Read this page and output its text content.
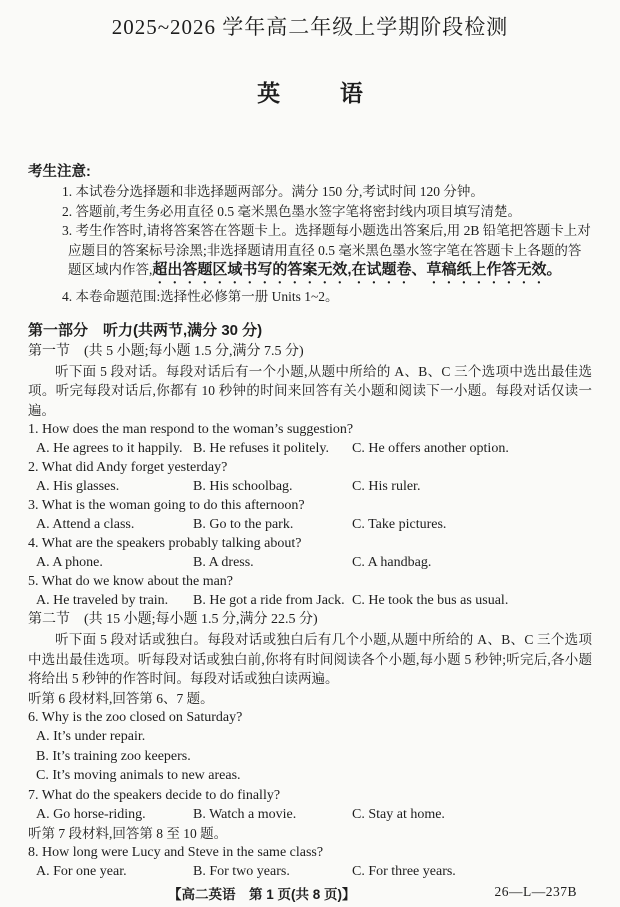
2025~2026 学年高二年级上学期阶段检测
英语
考生注意:
1. 本试卷分选择题和非选择题两部分。满分 150 分,考试时间 120 分钟。
2. 答题前,考生务必用直径 0.5 毫米黑色墨水签字笔将密封线内项目填写清楚。
3. 考生作答时,请将答案答在答题卡上。选择题每小题选出答案后,用 2B 铅笔把答题卡上对应题目的答案标号涂黑;非选择题请用直径 0.5 毫米黑色墨水签字笔在答题卡上各题的答题区域内作答,超出答题区域书写的答案无效,在试题卷、草稿纸上作答无效。
4. 本卷命题范围:选择性必修第一册 Units 1~2。
第一部分　听力(共两节,满分 30 分)
第一节　(共 5 小题;每小题 1.5 分,满分 7.5 分)
听下面 5 段对话。每段对话后有一个小题,从题中所给的 A、B、C 三个选项中选出最佳选项。听完每段对话后,你都有 10 秒钟的时间来回答有关小题和阅读下一小题。每段对话仅读一遍。
1. How does the man respond to the woman’s suggestion?
A. He agrees to it happily. B. He refuses it politely.	C. He offers another option.
2. What did Andy forget yesterday?
A. His glasses.	B. His schoolbag.	C. His ruler.
3. What is the woman going to do this afternoon?
A. Attend a class.	B. Go to the park.	C. Take pictures.
4. What are the speakers probably talking about?
A. A phone.	B. A dress.	C. A handbag.
5. What do we know about the man?
A. He traveled by train.	B. He got a ride from Jack. C. He took the bus as usual.
第二节　(共 15 小题;每小题 1.5 分,满分 22.5 分)
听下面 5 段对话或独白。每段对话或独白后有几个小题,从题中所给的 A、B、C 三个选项中选出最佳选项。听每段对话或独白前,你将有时间阅读各个小题,每小题 5 秒钟;听完后,各小题将给出 5 秒钟的作答时间。每段对话或独白读两遍。
听第 6 段材料,回答第 6、7 题。
6. Why is the zoo closed on Saturday?
A. It’s under repair.
B. It’s training zoo keepers.
C. It’s moving animals to new areas.
7. What do the speakers decide to do finally?
A. Go horse-riding.	B. Watch a movie.	C. Stay at home.
听第 7 段材料,回答第 8 至 10 题。
8. How long were Lucy and Steve in the same class?
A. For one year.	B. For two years.	C. For three years.
【高二英语　第 1 页(共 8 页)】	26—L—237B
